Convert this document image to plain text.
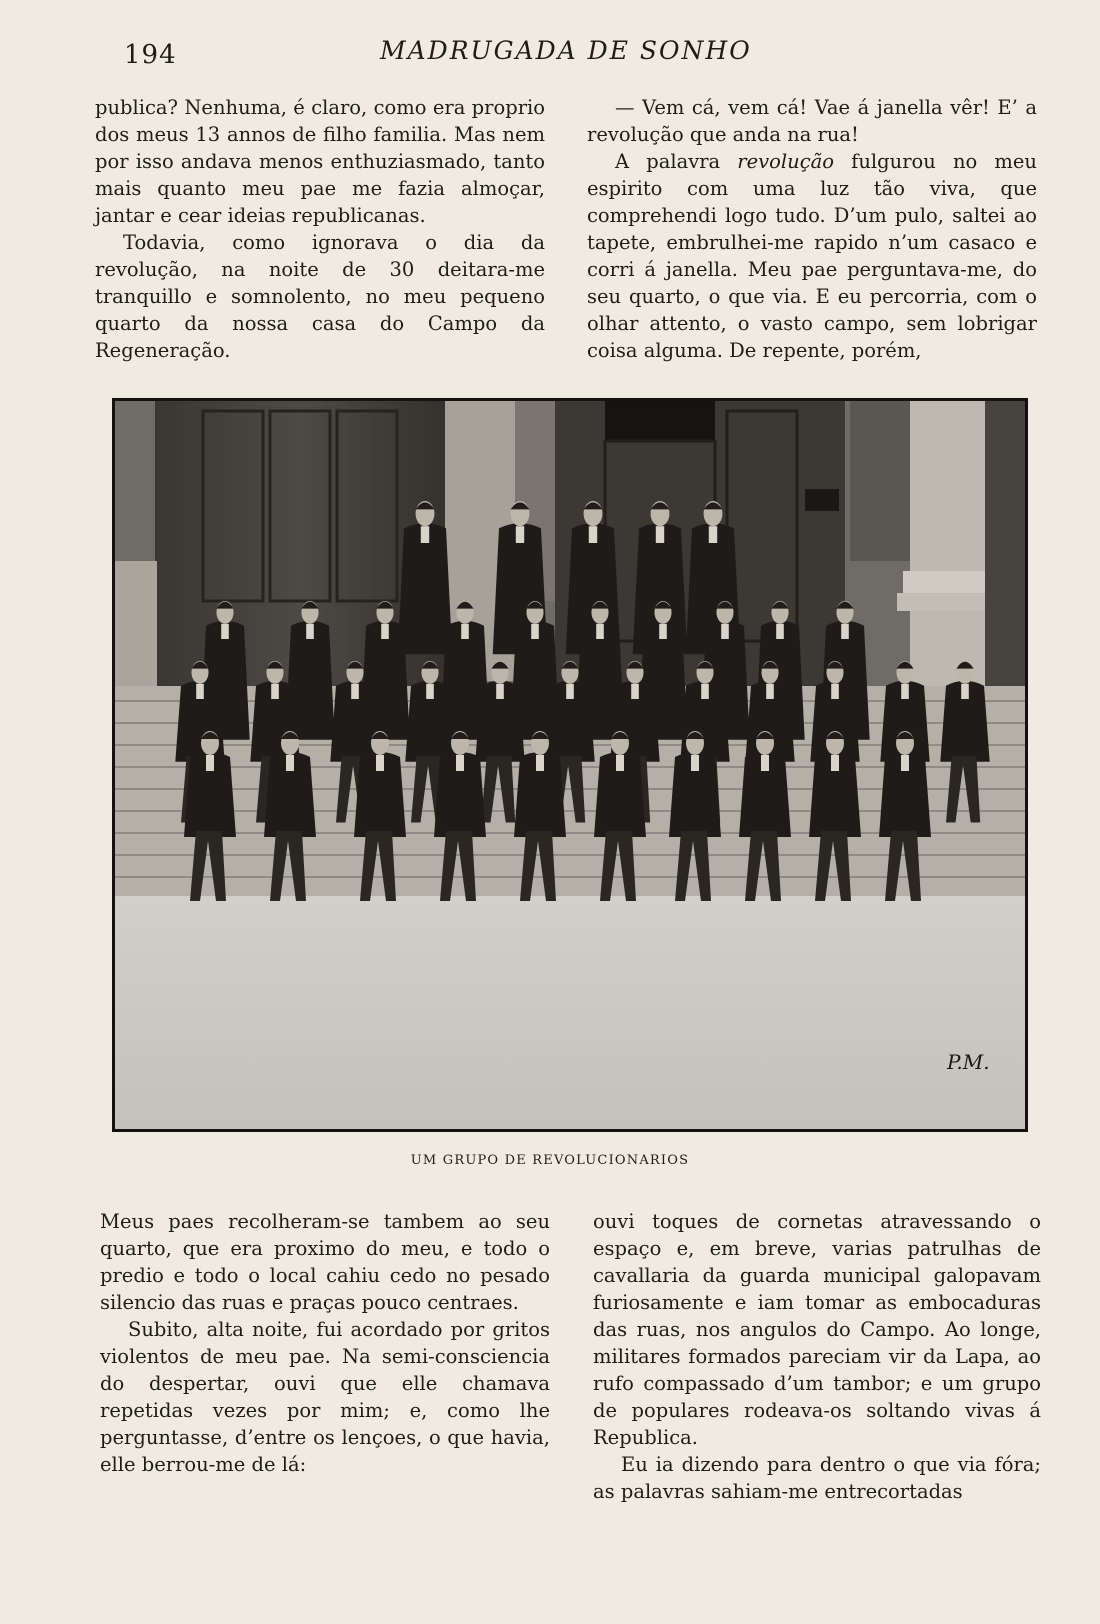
194	MADRUGADA DE SONHO

publica? Nenhuma, é claro, como era proprio dos meus 13 annos de filho familia. Mas nem por isso andava menos enthuziasmado, tanto mais quanto meu pae me fazia almoçar, jantar e cear ideias republicanas.

Todavia, como ignorava o dia da revolução, na noite de 30 deitara-me tranquillo e somnolento, no meu pequeno quarto da nossa casa do Campo da Regeneração.

— Vem cá, vem cá! Vae á janella vêr! E’ a revolução que anda na rua!

A palavra revolução fulgurou no meu espirito com uma luz tão viva, que comprehendi logo tudo. D’um pulo, saltei ao tapete, embrulhei-me rapido n’um casaco e corri á janella. Meu pae perguntava-me, do seu quarto, o que via. E eu percorria, com o olhar attento, o vasto campo, sem lobrigar coisa alguma. De repente, porém,

P.M.
UM GRUPO DE REVOLUCIONARIOS

Meus paes recolheram-se tambem ao seu quarto, que era proximo do meu, e todo o predio e todo o local cahiu cedo no pesado silencio das ruas e praças pouco centraes.

Subito, alta noite, fui acordado por gritos violentos de meu pae. Na semi-consciencia do despertar, ouvi que elle chamava repetidas vezes por mim; e, como lhe perguntasse, d’entre os lençoes, o que havia, elle berrou-me de lá:

ouvi toques de cornetas atravessando o espaço e, em breve, varias patrulhas de cavallaria da guarda municipal galopavam furiosamente e iam tomar as embocaduras das ruas, nos angulos do Campo. Ao longe, militares formados pareciam vir da Lapa, ao rufo compassado d’um tambor; e um grupo de populares rodeava-os soltando vivas á Republica.

Eu ia dizendo para dentro o que via fóra; as palavras sahiam-me entrecortadas
